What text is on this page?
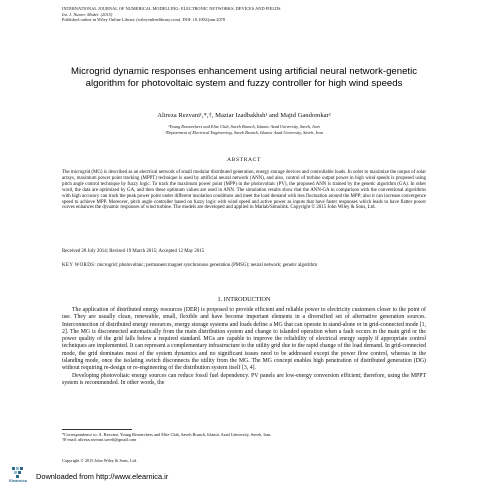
INTERNATIONAL JOURNAL OF NUMERICAL MODELLING: ELECTRONIC NETWORKS, DEVICES AND FIELDS
Int. J. Numer. Model. (2015)
Published online in Wiley Online Library (wileyonlinelibrary.com). DOI: 10.1002/jnm.2078
Microgrid dynamic responses enhancement using artificial neural network-genetic algorithm for photovoltaic system and fuzzy controller for high wind speeds
Alireza Rezvani¹,*,†, Maziar Izadbakhsh¹ and Majid Gandomkar²
¹Young Researchers and Elite Club, Saveh Branch, Islamic Azad University, Saveh, Iran
²Department of Electrical Engineering, Saveh Branch, Islamic Azad University, Saveh, Iran
ABSTRACT
The microgrid (MG) is described as an electrical network of small modular distributed generation, energy storage devices and controllable loads. In order to maximize the output of solar arrays, maximum power point tracking (MPPT) technique is used by artificial neural network (ANN), and also, control of turbine output power in high wind speeds is proposed using pitch angle control technique by fuzzy logic. To track the maximum power point (MPP) in the photovoltaic (PV), the proposed ANN is trained by the genetic algorithm (GA). In other word, the data are optimized by GA, and then these optimum values are used in ANN. The simulation results show that the ANN-GA in comparison with the conventional algorithms with high accuracy can track the peak power point under different insolation conditions and meet the load demand with less fluctuation around the MPP; also it can increase convergence speed to achieve MPP. Moreover, pitch angle controller based on fuzzy logic with wind speed and active power as inputs that have faster responses which leads to have flatter power curves enhances the dynamic responses of wind turbine. The models are developed and applied in Matlab/Simulink. Copyright © 2015 John Wiley & Sons, Ltd.
Received 28 July 2014; Revised 19 March 2015; Accepted 12 May 2015
KEY WORDS: microgrid; photovoltaic; permanent magnet synchronous generation (PMSG); neural network; genetic algorithm
1. INTRODUCTION

The application of distributed energy resources (DER) is proposed to provide efficient and reliable power to electricity customers closer to the point of use. They are usually clean, renewable, small, flexible and have become important elements in a diversified set of alternative generation sources. Interconnection of distributed energy resources, energy storage systems and loads define a MG that can operate in stand-alone or in grid-connected mode [1, 2]. The MG is disconnected automatically from the main distribution system and change to islanded operation when a fault occurs in the main grid or the power quality of the grid falls below a required standard. MGs are capable to improve the reliability of electrical energy supply if appropriate control techniques are implemented. It can represent a complementary infrastructure to the utility grid due to the rapid change of the load demand. In grid-connected mode, the grid dominates most of the system dynamics and no significant issues need to be addressed except the power flow control, whereas in the islanding mode, once the isolating switch disconnects the utility from the MG. The MG concept enables high penetration of distributed generation (DG) without requiring re-design or re-engineering of the distribution system itself [3, 4].

Developing photovoltaic energy sources can reduce fossil fuel dependency. PV panels are low-energy conversion efficient; therefore, using the MPPT system is recommended. In other words, the

*Correspondence to: A. Rezvani, Young Researchers and Elite Club, Saveh Branch, Islamic Azad University, Saveh, Iran.
†E-mail: alireza.rezvani.saveh@gmail.com
Copyright © 2015 John Wiley & Sons, Ltd.
Elearnica	Downloaded from http://www.elearnica.ir
